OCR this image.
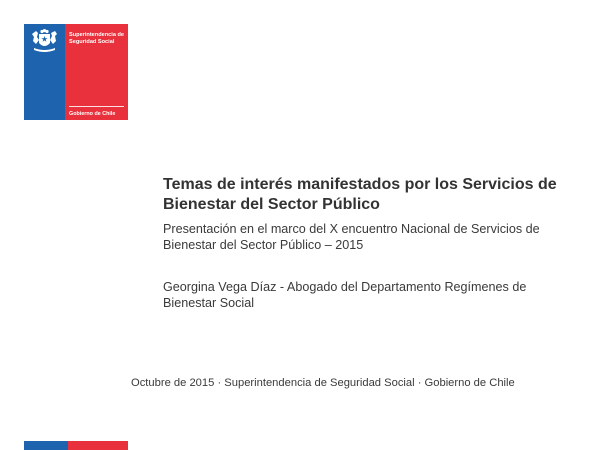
Superintendencia de Seguridad Social
Gobierno de Chile
Temas de interés manifestados por los Servicios de Bienestar del Sector Público

Presentación en el marco del X encuentro Nacional de Servicios de Bienestar del Sector Público – 2015

Georgina Vega Díaz - Abogado del Departamento Regímenes de Bienestar Social

Octubre de 2015 · Superintendencia de Seguridad Social · Gobierno de Chile
